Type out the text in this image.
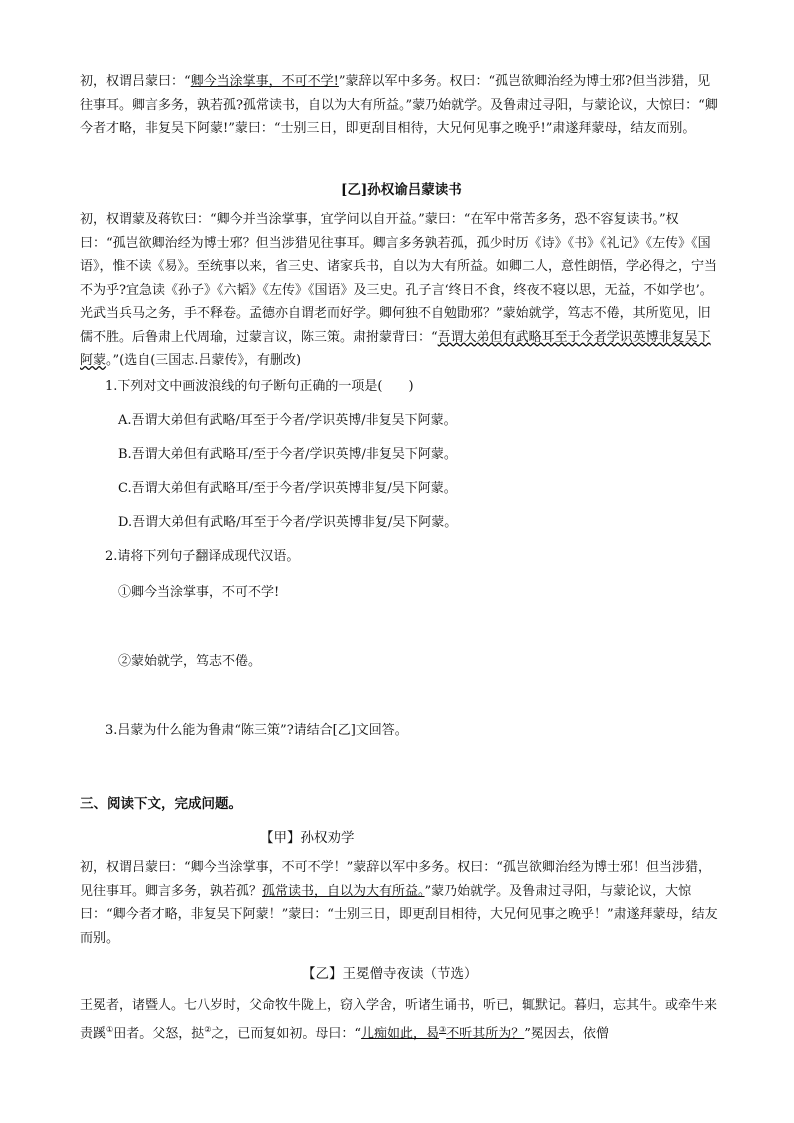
初，权谓吕蒙曰：“卿今当涂掌事，不可不学!”蒙辞以军中多务。权曰：“孤岂欲卿治经为博士邪?但当涉猎，见往事耳。卿言多务，孰若孤?孤常读书，自以为大有所益。”蒙乃始就学。及鲁肃过寻阳，与蒙论议，大惊曰：“卿今者才略，非复吴下阿蒙!”蒙曰：“士别三日，即更刮目相待，大兄何见事之晚乎!”肃遂拜蒙母，结友而别。

[乙]孙权谕吕蒙读书

初，权谓蒙及蒋钦曰：“卿今并当涂掌事，宜学问以自开益。”蒙曰：“在军中常苦多务，恐不容复读书。”权曰：“孤岂欲卿治经为博士邪？但当涉猎见往事耳。卿言多务孰若孤，孤少时历《诗》《书》《礼记》《左传》《国语》，惟不读《易》。至统事以来，省三史、诸家兵书，自以为大有所益。如卿二人，意性朗悟，学必得之，宁当不为乎?宜急读《孙子》《六韬》《左传》《国语》及三史。孔子言‘终日不食，终夜不寝以思，无益，不如学也’。光武当兵马之务，手不释卷。孟德亦自谓老而好学。卿何独不自勉勖邪？”蒙始就学，笃志不倦，其所览见，旧儒不胜。后鲁肃上代周瑜，过蒙言议，陈三策。肃拊蒙背曰：“吾谓大弟但有武略耳至于今者学识英博非复吴下阿蒙。”(选自(三国志.吕蒙传》，有删改)

1.下列对文中画波浪线的句子断句正确的一项是(　　)

A.吾谓大弟但有武略/耳至于今者/学识英博/非复吴下阿蒙。

B.吾谓大弟但有武略耳/至于今者/学识英博/非复吴下阿蒙。

C.吾谓大弟但有武略耳/至于今者/学识英博非复/吴下阿蒙。

D.吾谓大弟但有武略/耳至于今者/学识英博非复/吴下阿蒙。

2.请将下列句子翻译成现代汉语。

①卿今当涂掌事，不可不学!

②蒙始就学，笃志不倦。

3.吕蒙为什么能为鲁肃“陈三策”?请结合[乙]文回答。

三、阅读下文，完成问题。

【甲】孙权劝学

初，权谓吕蒙曰：“卿今当涂掌事，不可不学！”蒙辞以军中多务。权曰：“孤岂欲卿治经为博士邪！但当涉猎，见往事耳。卿言多务，孰若孤？孤常读书，自以为大有所益。”蒙乃始就学。及鲁肃过寻阳，与蒙论议，大惊曰：“卿今者才略，非复吴下阿蒙！”蒙曰：“士别三日，即更刮目相待，大兄何见事之晚乎！”肃遂拜蒙母，结友而别。

【乙】王冕僧寺夜读（节选）

王冕者，诸暨人。七八岁时，父命牧牛陇上，窃入学舍，听诸生诵书，听已，辄默记。暮归，忘其牛。或牵牛来责蹊①田者。父怒，挞②之，已而复如初。母曰：“儿痴如此，曷③不听其所为？”冕因去，依僧
